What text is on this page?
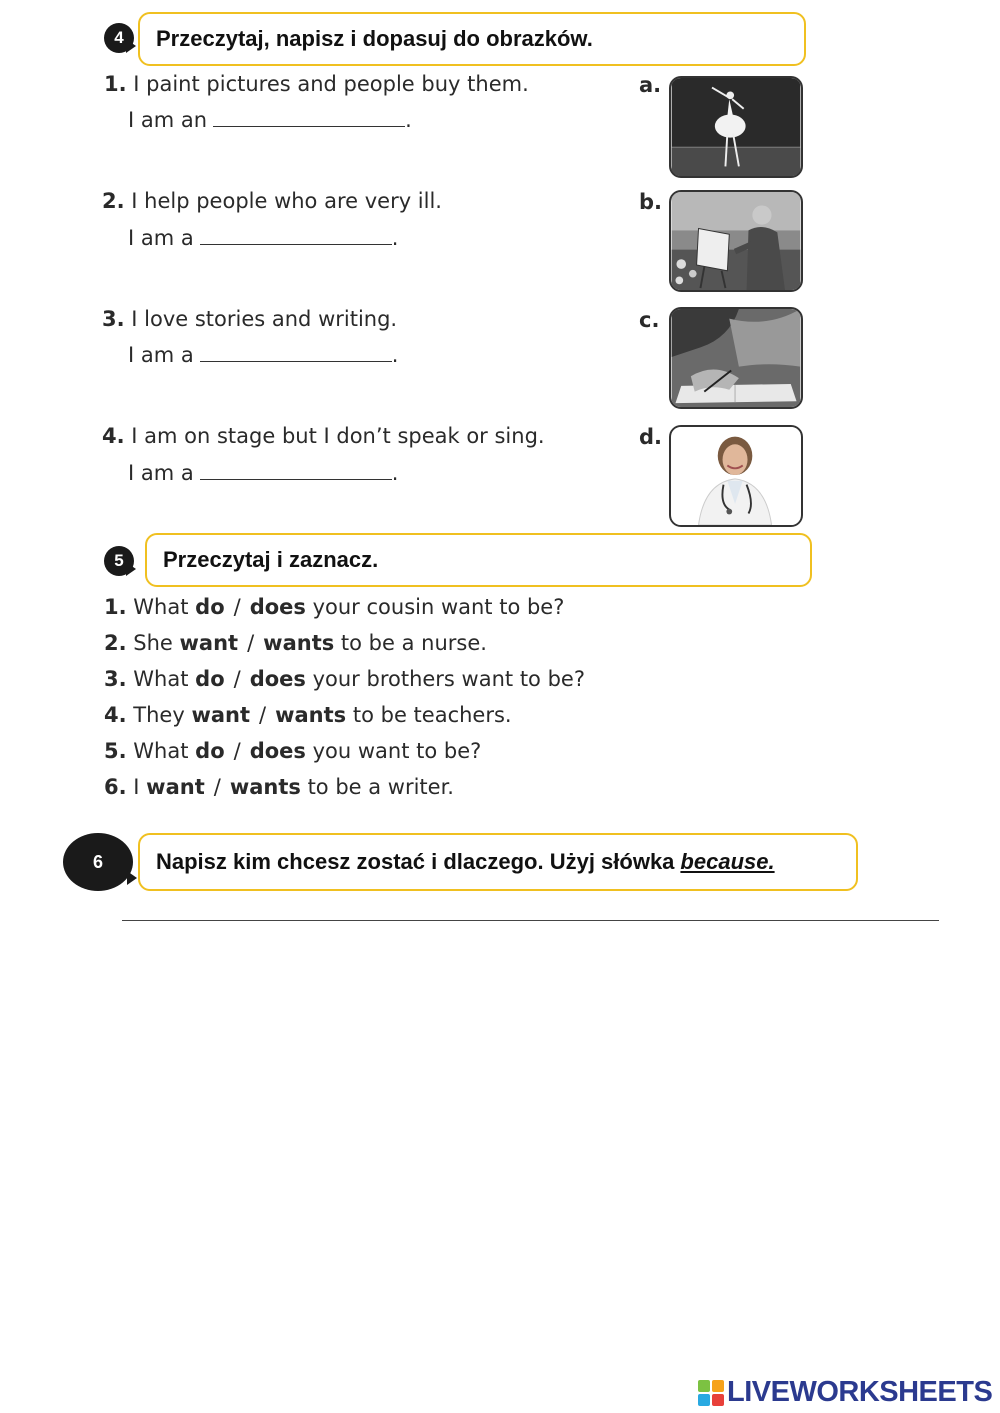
4 Przeczytaj, napisz i dopasuj do obrazków.
1. I paint pictures and people buy them.
I am an	.
2. I help people who are very ill.
I am a	.
3. I love stories and writing.
I am a	.
4. I am on stage but I don’t speak or sing.
I am a	.
a.
b.
c.
d.
5 Przeczytaj i zaznacz.
1. What do / does your cousin want to be?
2. She want / wants to be a nurse.
3. What do / does your brothers want to be?
4. They want / wants to be teachers.
5. What do / does you want to be?
6. I want / wants to be a writer.
6 Napisz kim chcesz zostać i dlaczego. Użyj słówka because.
LIVEWORKSHEETS
